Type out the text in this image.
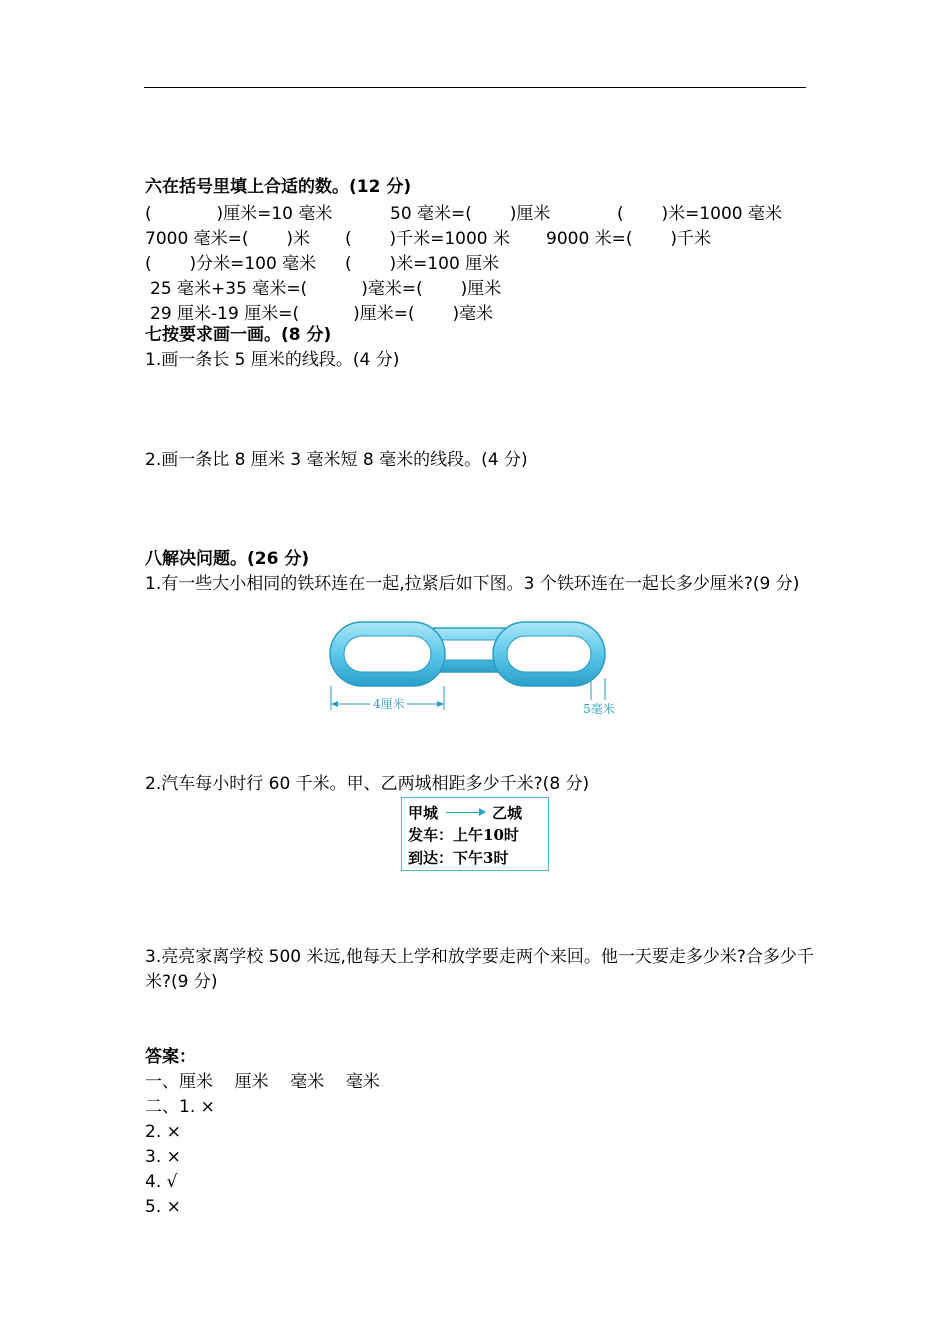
六在括号里填上合适的数。(12 分)
(            )厘米=10 毫米	50 毫米=(       )厘米	(       )米=1000 毫米
7000 毫米=(       )米 (       )千米=1000 米 9000 米=(       )千米
(       )分米=100 毫米 (       )米=100 厘米
25 毫米+35 毫米=(          )毫米=(       )厘米
29 厘米-19 厘米=(          )厘米=(       )毫米
七按要求画一画。(8 分)
1.画一条长 5 厘米的线段。(4 分)
2.画一条比 8 厘米 3 毫米短 8 毫米的线段。(4 分)
八解决问题。(26 分)
1.有一些大小相同的铁环连在一起,拉紧后如下图。3 个铁环连在一起长多少厘米?(9 分)
4厘米	5毫米
2.汽车每小时行 60 千米。甲、乙两城相距多少千米?(8 分)
甲城	乙城
发车：上午10时
到达：下午3时
3.亮亮家离学校 500 米远,他每天上学和放学要走两个来回。他一天要走多少米?合多少千米?(9 分)
答案：
一、厘米    厘米    毫米    毫米
二、1. ×
2. ×
3. ×
4. √
5. ×
